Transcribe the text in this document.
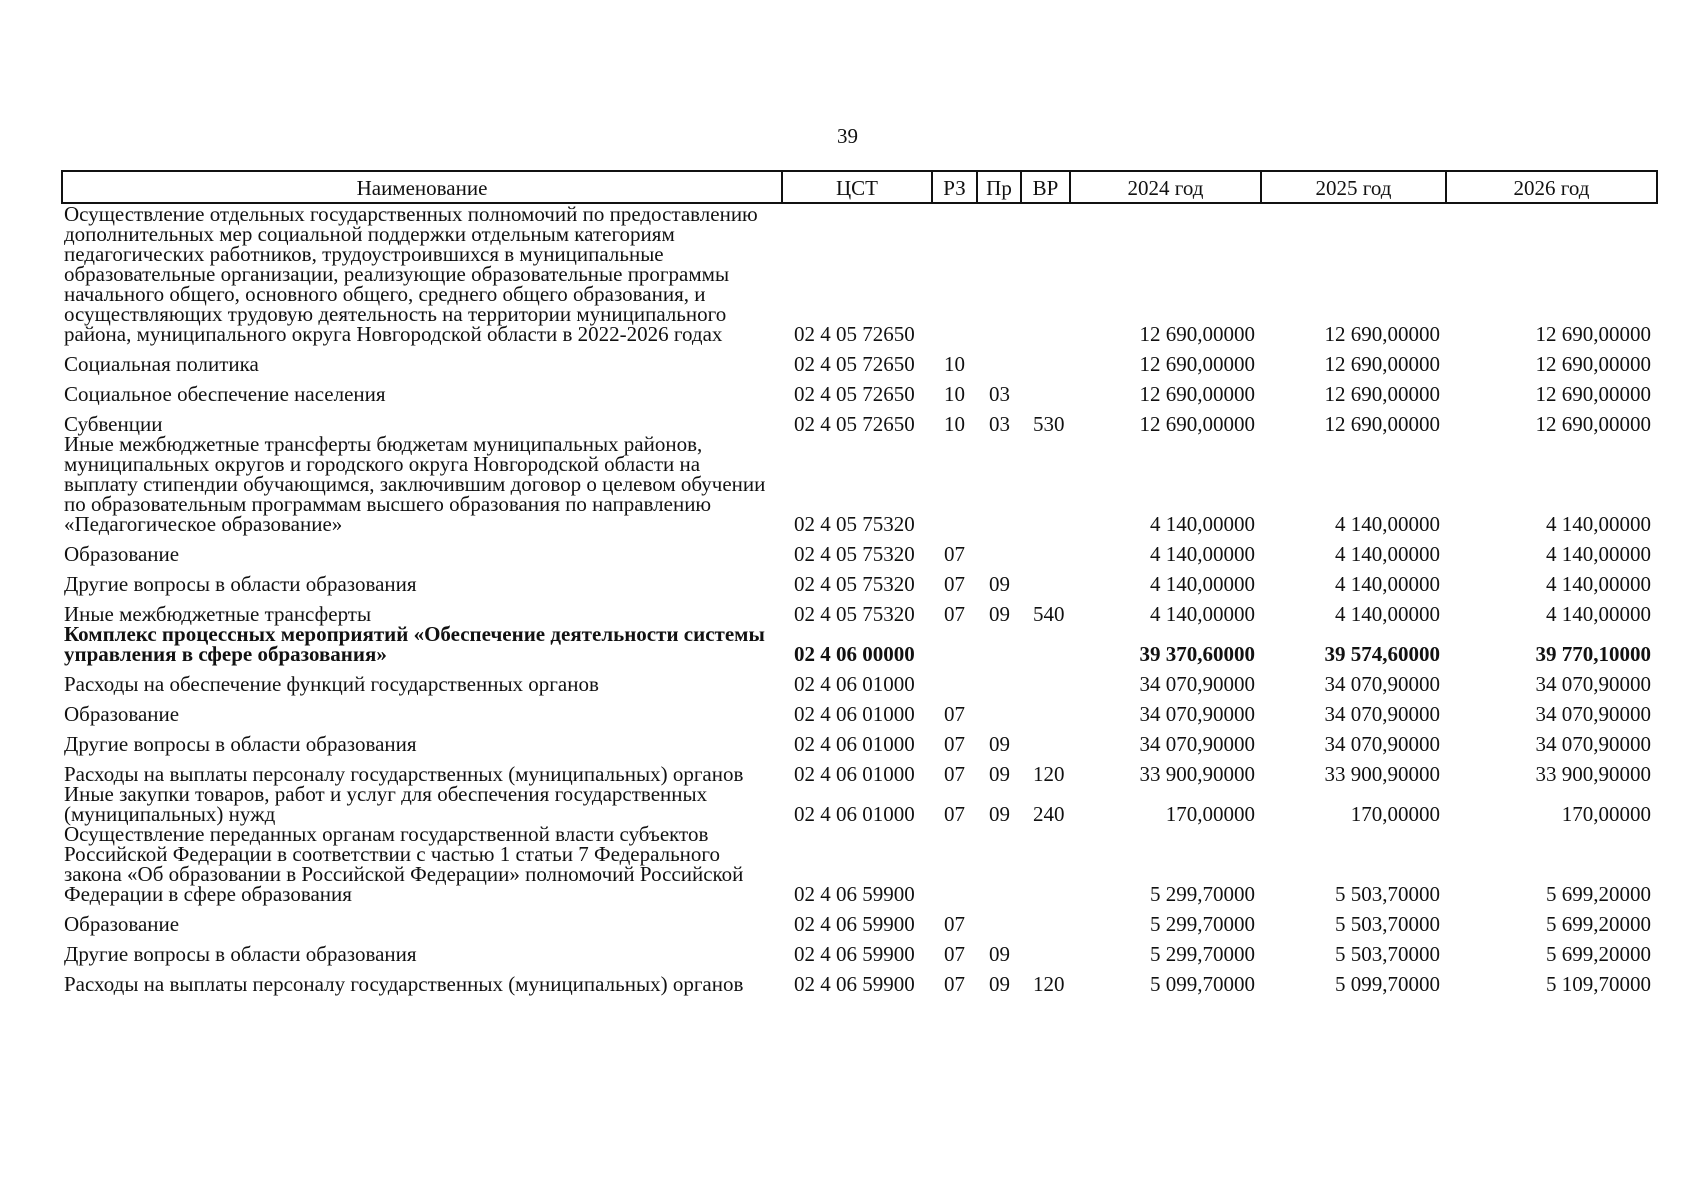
39
Наименование	ЦСТ	РЗ	Пр	ВР	2024 год	2025 год	2026 год
Осуществление отдельных государственных полномочий по предоставлению дополнительных мер социальной поддержки отдельным категориям педагогических работников, трудоустроившихся в муниципальные образовательные организации, реализующие образовательные программы начального общего, основного общего, среднего общего образования, и осуществляющих трудовую деятельность на территории муниципального района, муниципального округа Новгородской области в 2022-2026 годах	02 4 05 72650				12 690,00000	12 690,00000	12 690,00000
Социальная политика	02 4 05 72650	10			12 690,00000	12 690,00000	12 690,00000
Социальное обеспечение населения	02 4 05 72650	10	03		12 690,00000	12 690,00000	12 690,00000
Субвенции	02 4 05 72650	10	03	530	12 690,00000	12 690,00000	12 690,00000
Иные межбюджетные трансферты бюджетам муниципальных районов, муниципальных округов и городского округа Новгородской области на выплату стипендии обучающимся, заключившим договор о целевом обучении по образовательным программам высшего образования по направлению «Педагогическое образование»	02 4 05 75320				4 140,00000	4 140,00000	4 140,00000
Образование	02 4 05 75320	07			4 140,00000	4 140,00000	4 140,00000
Другие вопросы в области образования	02 4 05 75320	07	09		4 140,00000	4 140,00000	4 140,00000
Иные межбюджетные трансферты	02 4 05 75320	07	09	540	4 140,00000	4 140,00000	4 140,00000
Комплекс процессных мероприятий «Обеспечение деятельности системы управления в сфере образования»	02 4 06 00000				39 370,60000	39 574,60000	39 770,10000
Расходы на обеспечение функций государственных органов	02 4 06 01000				34 070,90000	34 070,90000	34 070,90000
Образование	02 4 06 01000	07			34 070,90000	34 070,90000	34 070,90000
Другие вопросы в области образования	02 4 06 01000	07	09		34 070,90000	34 070,90000	34 070,90000
Расходы на выплаты персоналу государственных (муниципальных) органов	02 4 06 01000	07	09	120	33 900,90000	33 900,90000	33 900,90000
Иные закупки товаров, работ и услуг для обеспечения государственных (муниципальных) нужд	02 4 06 01000	07	09	240	170,00000	170,00000	170,00000
Осуществление переданных органам государственной власти субъектов Российской Федерации в соответствии с частью 1 статьи 7 Федерального закона «Об образовании в Российской Федерации» полномочий Российской Федерации в сфере образования	02 4 06 59900				5 299,70000	5 503,70000	5 699,20000
Образование	02 4 06 59900	07			5 299,70000	5 503,70000	5 699,20000
Другие вопросы в области образования	02 4 06 59900	07	09		5 299,70000	5 503,70000	5 699,20000
Расходы на выплаты персоналу государственных (муниципальных) органов	02 4 06 59900	07	09	120	5 099,70000	5 099,70000	5 109,70000
